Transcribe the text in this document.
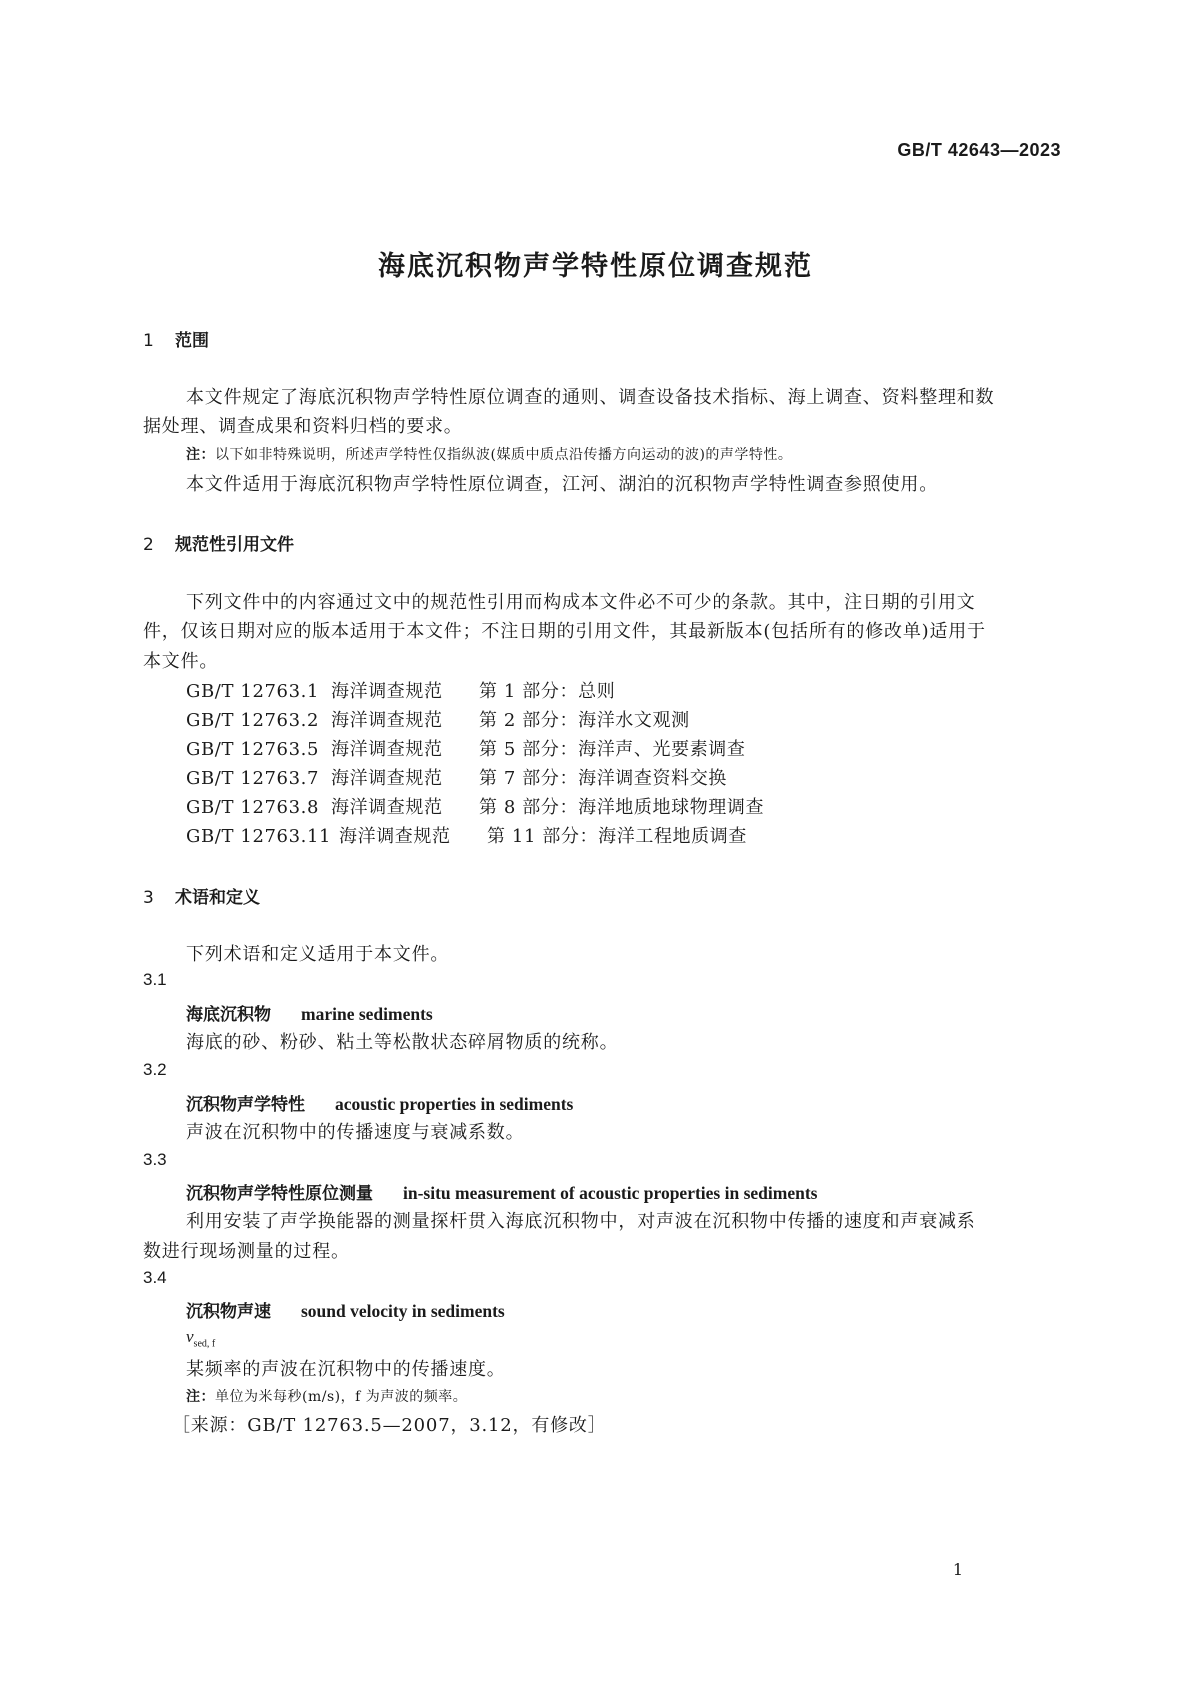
GB/T 42643—2023
海底沉积物声学特性原位调查规范
1 范围
本文件规定了海底沉积物声学特性原位调查的通则、调查设备技术指标、海上调查、资料整理和数
据处理、调查成果和资料归档的要求。
注：以下如非特殊说明，所述声学特性仅指纵波(媒质中质点沿传播方向运动的波)的声学特性。
本文件适用于海底沉积物声学特性原位调查，江河、湖泊的沉积物声学特性调查参照使用。
2 规范性引用文件
下列文件中的内容通过文中的规范性引用而构成本文件必不可少的条款。其中，注日期的引用文
件，仅该日期对应的版本适用于本文件；不注日期的引用文件，其最新版本(包括所有的修改单)适用于
本文件。
GB/T 12763.1 海洋调查规范 第 1 部分：总则
GB/T 12763.2 海洋调查规范 第 2 部分：海洋水文观测
GB/T 12763.5 海洋调查规范 第 5 部分：海洋声、光要素调查
GB/T 12763.7 海洋调查规范 第 7 部分：海洋调查资料交换
GB/T 12763.8 海洋调查规范 第 8 部分：海洋地质地球物理调查
GB/T 12763.11 海洋调查规范 第 11 部分：海洋工程地质调查
3 术语和定义
下列术语和定义适用于本文件。
3.1
海底沉积物 marine sediments
海底的砂、粉砂、粘土等松散状态碎屑物质的统称。
3.2
沉积物声学特性 acoustic properties in sediments
声波在沉积物中的传播速度与衰减系数。
3.3
沉积物声学特性原位测量 in-situ measurement of acoustic properties in sediments
利用安装了声学换能器的测量探杆贯入海底沉积物中，对声波在沉积物中传播的速度和声衰减系
数进行现场测量的过程。
3.4
沉积物声速 sound velocity in sediments
$v_{sed, f}$
某频率的声波在沉积物中的传播速度。
注：单位为米每秒(m/s)，f 为声波的频率。
［来源：GB/T 12763.5—2007，3.12，有修改］
1
